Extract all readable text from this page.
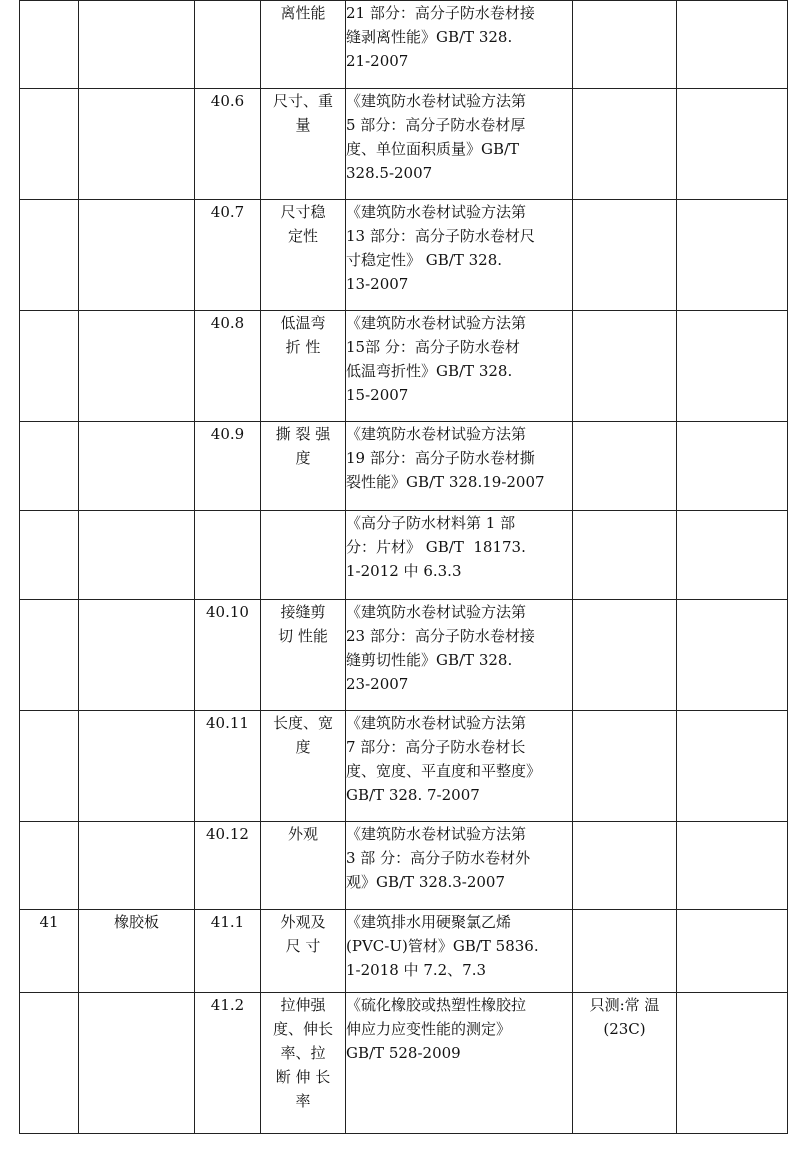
			离性能	21 部分：高分子防水卷材接
缝剥离性能》GB/T 328.
21-2007		

		40.6	尺寸、重
量	《建筑防水卷材试验方法第
5 部分：高分子防水卷材厚
度、单位面积质量》GB/T
328.5-2007		

		40.7	尺寸稳
定性	《建筑防水卷材试验方法第
13 部分：高分子防水卷材尺
寸稳定性》 GB/T 328.
13-2007		

		40.8	低温弯
折 性	《建筑防水卷材试验方法第
15部 分：高分子防水卷材
低温弯折性》GB/T 328.
15-2007		

		40.9	撕 裂 强
度	《建筑防水卷材试验方法第
19 部分：高分子防水卷材撕
裂性能》GB/T 328.19-2007		

				《高分子防水材料第 1 部
分：片材》 GB/T  18173.
1-2012 中 6.3.3		

		40.10	接缝剪
切 性能	《建筑防水卷材试验方法第
23 部分：高分子防水卷材接
缝剪切性能》GB/T 328.
23-2007		

		40.11	长度、宽
度	《建筑防水卷材试验方法第
7 部分：高分子防水卷材长
度、宽度、平直度和平整度》
GB/T 328. 7-2007		

		40.12	外观	《建筑防水卷材试验方法第
3 部 分：高分子防水卷材外
观》GB/T 328.3-2007		

41	橡胶板	41.1	外观及
尺 寸	《建筑排水用硬聚氯乙烯
(PVC-U)管材》GB/T 5836.
1-2018 中 7.2、7.3		

		41.2	拉伸强
度、伸长
率、拉
断 伸 长
率	《硫化橡胶或热塑性橡胶拉
伸应力应变性能的测定》
GB/T 528-2009	只测:常 温
(23C)	
